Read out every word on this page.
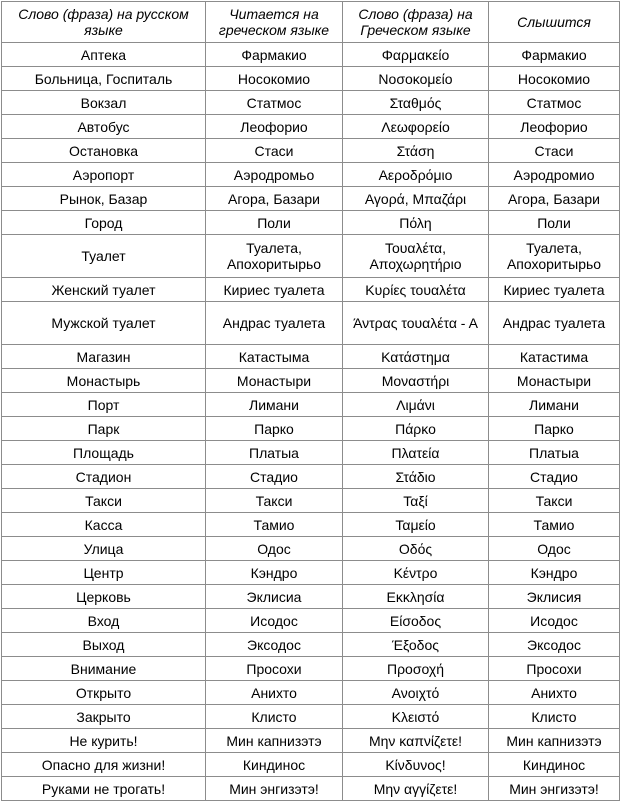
Слово (фраза) на русском языке	Читается на греческом языке	Слово (фраза) на Греческом языке	Слышится
Аптека	Фармакио	Φαρμακείο	Фармакио
Больница, Госпиталь	Носокомио	Νοσοκομείο	Носокомио
Вокзал	Статмос	Σταθμός	Статмос
Автобус	Леофорио	Λεωφορείο	Леофорио
Остановка	Стаси	Στάση	Стаси
Аэропорт	Аэродромьо	Αεροδρόμιο	Аэродромио
Рынок, Базар	Агора, Базари	Αγορά, Μπαζάρι	Агора, Базари
Город	Поли	Πόλη	Поли
Туалет	Туалета, Апохоритырьо	Τουαλέτα, Αποχωρητήριο	Туалета, Апохоритырьо
Женский туалет	Кириес туалета	Κυρίες τουαλέτα	Кириес туалета
Мужской туалет	Андрас туалета	Άντρας τουαλέτα - Α	Андрас туалета
Магазин	Катастыма	Κατάστημα	Катастима
Монастырь	Монастыри	Μοναστήρι	Монастыри
Порт	Лимани	Λιμάνι	Лимани
Парк	Парко	Πάρκο	Парко
Площадь	Платыа	Πλατεία	Платыа
Стадион	Стадио	Στάδιο	Стадио
Такси	Такси	Ταξί	Такси
Касса	Тамио	Ταμείο	Тамио
Улица	Одос	Οδός	Одос
Центр	Кэндро	Κέντρο	Кэндро
Церковь	Эклисиа	Εκκλησία	Эклисия
Вход	Исодос	Είσοδος	Исодос
Выход	Эксодос	Έξοδος	Эксодос
Внимание	Просохи	Προσοχή	Просохи
Открыто	Анихто	Ανοιχτό	Анихто
Закрыто	Клисто	Κλειστό	Клисто
Не курить!	Мин капнизэтэ	Μην καπνίζετε!	Мин капнизэтэ
Опасно для жизни!	Киндинос	Κίνδυνος!	Киндинос
Руками не трогать!	Мин энгизэтэ!	Μην αγγίζετε!	Мин энгизэтэ!
